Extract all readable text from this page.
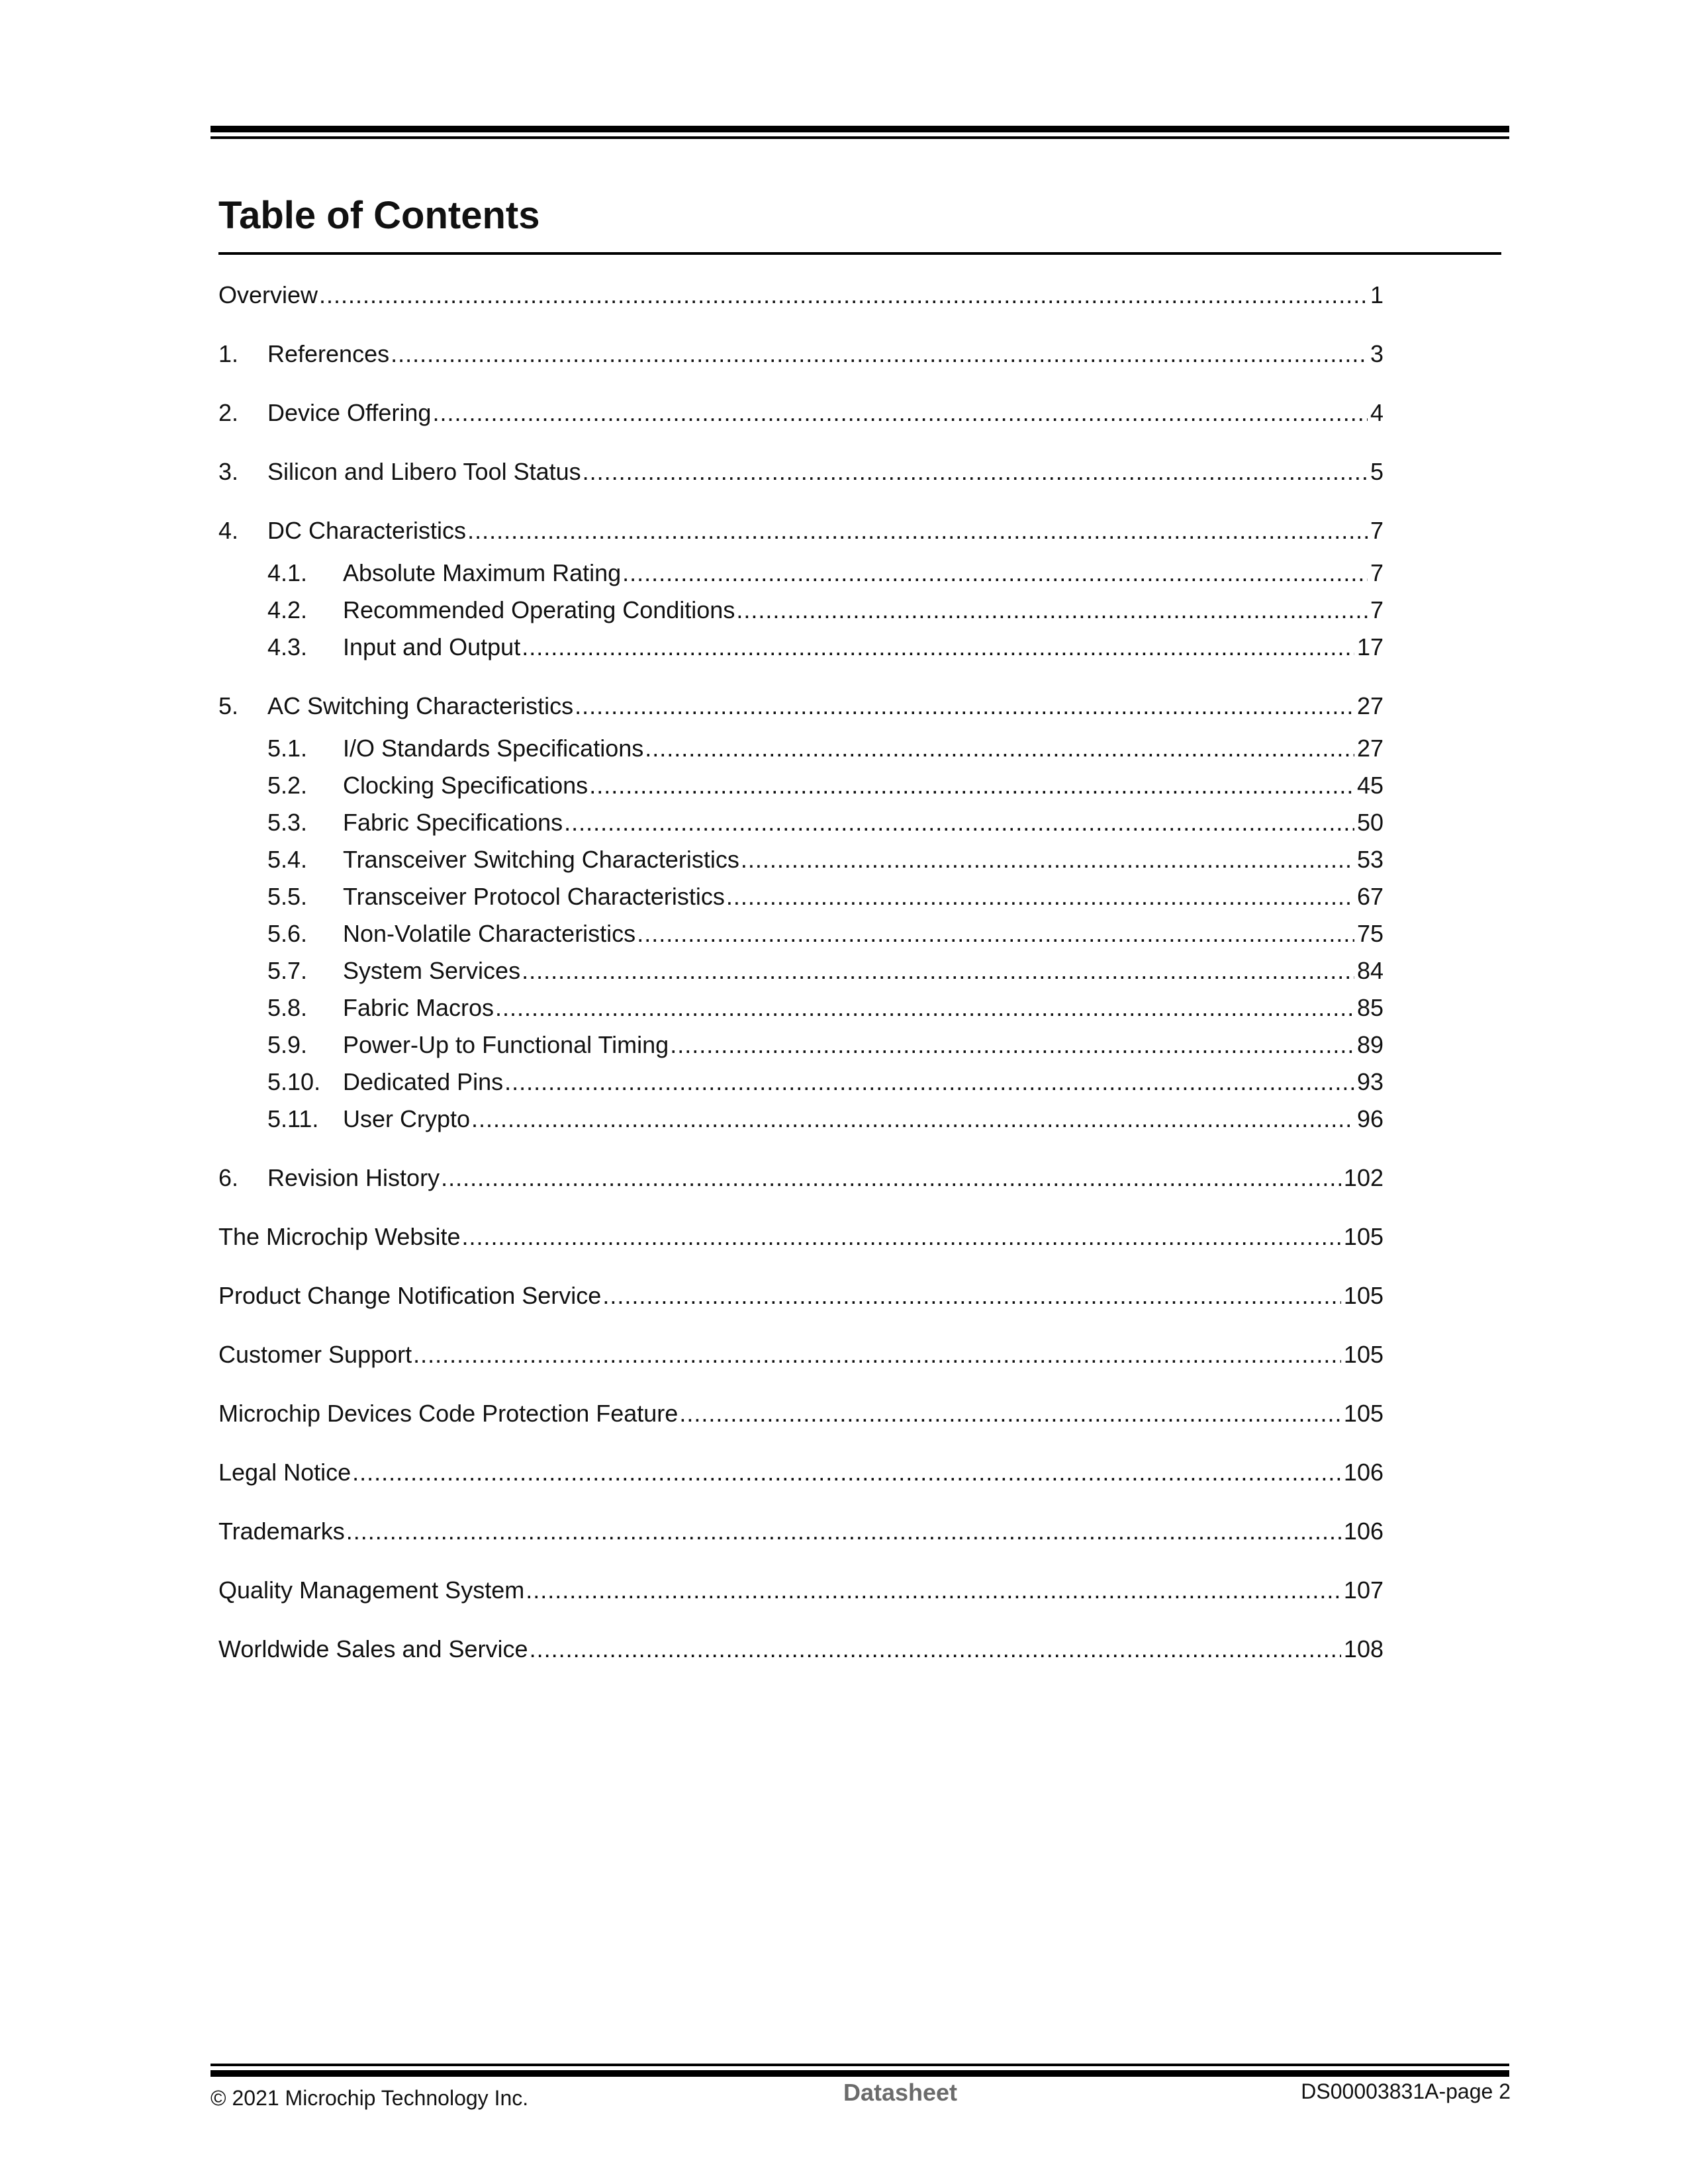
Table of Contents
Overview .....	1
1.	References .....	3
2.	Device Offering .....	4
3.	Silicon and Libero Tool Status .....	5
4.	DC Characteristics .....	7
4.1.	Absolute Maximum Rating .....	7
4.2.	Recommended Operating Conditions .....	7
4.3.	Input and Output .....	17
5.	AC Switching Characteristics .....	27
5.1.	I/O Standards Specifications .....	27
5.2.	Clocking Specifications .....	45
5.3.	Fabric Specifications .....	50
5.4.	Transceiver Switching Characteristics .....	53
5.5.	Transceiver Protocol Characteristics .....	67
5.6.	Non-Volatile Characteristics .....	75
5.7.	System Services .....	84
5.8.	Fabric Macros .....	85
5.9.	Power-Up to Functional Timing .....	89
5.10. Dedicated Pins .....	93
5.11.	User Crypto .....	96
6.	Revision History .....	102
The Microchip Website .....	105
Product Change Notification Service .....	105
Customer Support .....	105
Microchip Devices Code Protection Feature .....	105
Legal Notice .....	106
Trademarks .....	106
Quality Management System .....	107
Worldwide Sales and Service .....	108
© 2021 Microchip Technology Inc.	Datasheet	DS00003831A-page 2
